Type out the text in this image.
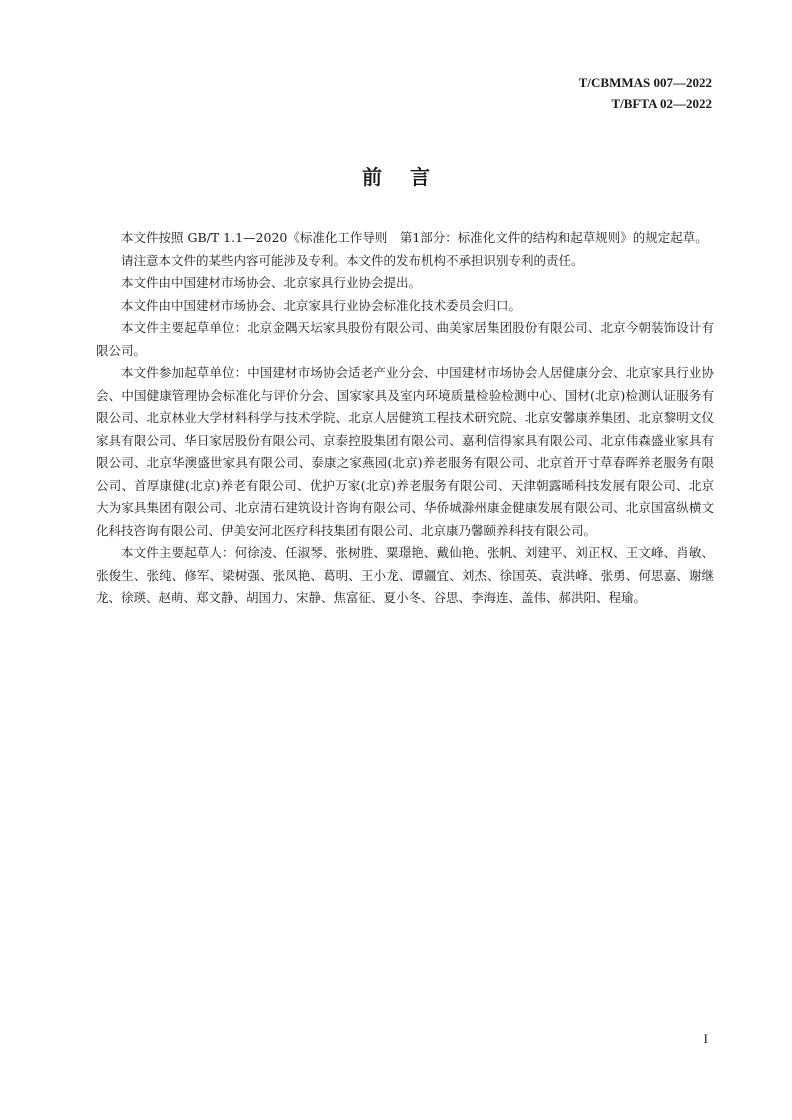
T/CBMMAS 007—2022
T/BFTA 02—2022
前言

本文件按照 GB/T 1.1—2020《标准化工作导则　第1部分：标准化文件的结构和起草规则》的规定起草。

请注意本文件的某些内容可能涉及专利。本文件的发布机构不承担识别专利的责任。

本文件由中国建材市场协会、北京家具行业协会提出。

本文件由中国建材市场协会、北京家具行业协会标准化技术委员会归口。

本文件主要起草单位：北京金隅天坛家具股份有限公司、曲美家居集团股份有限公司、北京今朝装饰设计有限公司。

本文件参加起草单位：中国建材市场协会适老产业分会、中国建材市场协会人居健康分会、北京家具行业协会、中国健康管理协会标准化与评价分会、国家家具及室内环境质量检验检测中心、国材(北京)检测认证服务有限公司、北京林业大学材料科学与技术学院、北京人居健筑工程技术研究院、北京安馨康养集团、北京黎明文仪家具有限公司、华日家居股份有限公司、京泰控股集团有限公司、嘉利信得家具有限公司、北京伟森盛业家具有限公司、北京华澳盛世家具有限公司、泰康之家燕园(北京)养老服务有限公司、北京首开寸草春晖养老服务有限公司、首厚康健(北京)养老有限公司、优护万家(北京)养老服务有限公司、天津朝露晞科技发展有限公司、北京大为家具集团有限公司、北京清石建筑设计咨询有限公司、华侨城滁州康金健康发展有限公司、北京国富纵横文化科技咨询有限公司、伊美安河北医疗科技集团有限公司、北京康乃馨颐养科技有限公司。

本文件主要起草人：何徐凌、任淑琴、张树胜、粟璟艳、戴仙艳、张帆、刘建平、刘正权、王文峰、肖敏、张俊生、张纯、修军、梁树强、张凤艳、葛明、王小龙、谭疆宜、刘杰、徐国英、袁洪峰、张勇、何思嘉、谢继龙、徐瑛、赵萌、郑文静、胡国力、宋静、焦富征、夏小冬、谷思、李海连、盖伟、郝洪阳、程瑜。

I
